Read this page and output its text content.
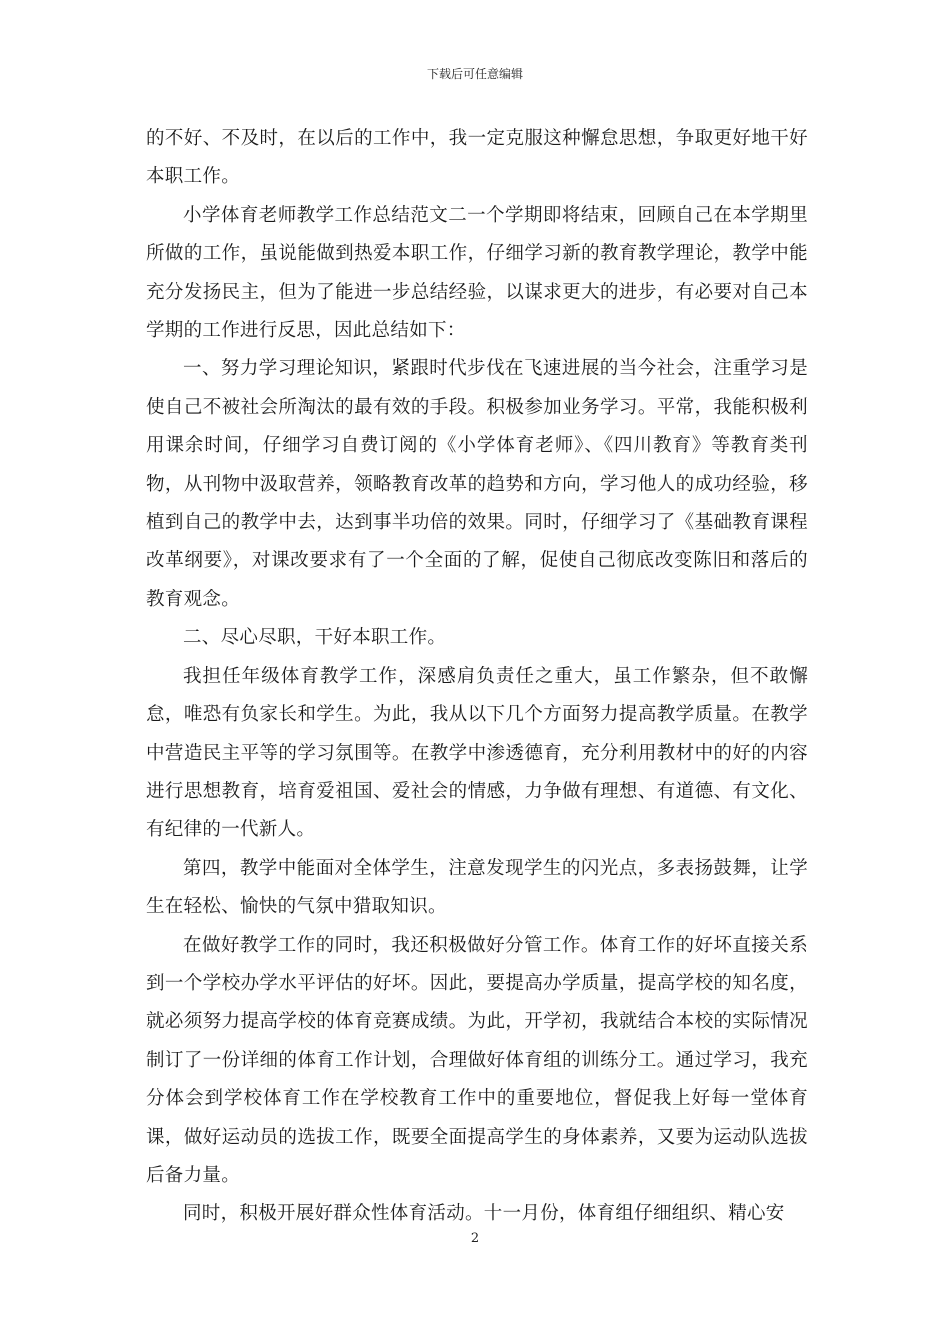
下载后可任意编辑

的不好、不及时，在以后的工作中，我一定克服这种懈怠思想，争取更好地干好本职工作。

小学体育老师教学工作总结范文二一个学期即将结束，回顾自己在本学期里所做的工作，虽说能做到热爱本职工作，仔细学习新的教育教学理论，教学中能充分发扬民主，但为了能进一步总结经验，以谋求更大的进步，有必要对自己本学期的工作进行反思，因此总结如下：

一、努力学习理论知识，紧跟时代步伐在飞速进展的当今社会，注重学习是使自己不被社会所淘汰的最有效的手段。积极参加业务学习。平常，我能积极利用课余时间，仔细学习自费订阅的《小学体育老师》、《四川教育》等教育类刊物，从刊物中汲取营养，领略教育改革的趋势和方向，学习他人的成功经验，移植到自己的教学中去，达到事半功倍的效果。同时，仔细学习了《基础教育课程改革纲要》，对课改要求有了一个全面的了解，促使自己彻底改变陈旧和落后的教育观念。

二、尽心尽职，干好本职工作。

我担任年级体育教学工作，深感肩负责任之重大，虽工作繁杂，但不敢懈怠，唯恐有负家长和学生。为此，我从以下几个方面努力提高教学质量。在教学中营造民主平等的学习氛围等。在教学中渗透德育，充分利用教材中的好的内容进行思想教育，培育爱祖国、爱社会的情感，力争做有理想、有道德、有文化、有纪律的一代新人。

第四，教学中能面对全体学生，注意发现学生的闪光点，多表扬鼓舞，让学生在轻松、愉快的气氛中猎取知识。

在做好教学工作的同时，我还积极做好分管工作。体育工作的好坏直接关系到一个学校办学水平评估的好坏。因此，要提高办学质量，提高学校的知名度，就必须努力提高学校的体育竞赛成绩。为此，开学初，我就结合本校的实际情况制订了一份详细的体育工作计划，合理做好体育组的训练分工。通过学习，我充分体会到学校体育工作在学校教育工作中的重要地位，督促我上好每一堂体育课，做好运动员的选拔工作，既要全面提高学生的身体素养，又要为运动队选拔后备力量。

同时，积极开展好群众性体育活动。十一月份，体育组仔细组织、精心安

2
